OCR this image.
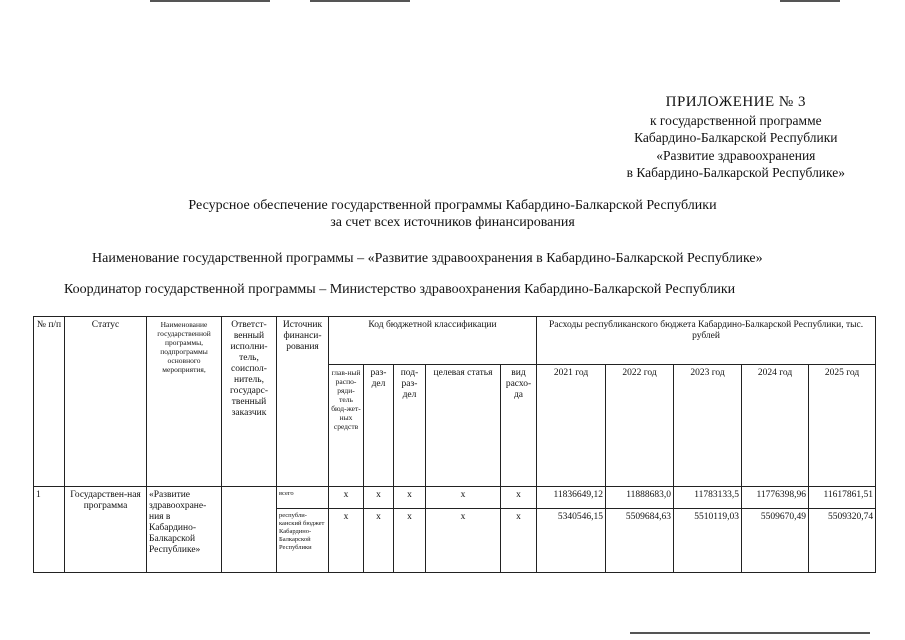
ПРИЛОЖЕНИЕ № 3
к государственной программе
Кабардино-Балкарской Республики
«Развитие здравоохранения
в Кабардино-Балкарской Республике»
Ресурсное обеспечение государственной программы Кабардино-Балкарской Республики
за счет всех источников финансирования
Наименование государственной программы – «Развитие здравоохранения в Кабардино-Балкарской Республике»
Координатор государственной программы – Министерство здравоохранения Кабардино-Балкарской Республики
№ п/п	Статус	Наименование государственной программы, подпрограммы основного мероприятия,	Ответст-венный исполни-тель, соиспол-нитель, государс-твенный заказчик	Источник финанси-рования	Код бюджетной классификации					Расходы республиканского бюджета Кабардино-Балкарской Республики, тыс. рублей				
					глав-ный распо-ряди-тель бюд-жет-ных средств	раз-дел	под-раз-дел	целевая статья	вид расхо-да	2021 год	2022 год	2023 год	2024 год	2025 год
1	Государствен-ная программа	«Развитие здравоохране-ния в Кабардино-Балкарской Республике»		всего	x	x	x	x	x	11836649,12	11888683,0	11783133,5	11776398,96	11617861,51
				республи-канский бюджет Кабардино-Балкарской Республики	x	x	x	x	x	5340546,15	5509684,63	5510119,03	5509670,49	5509320,74
